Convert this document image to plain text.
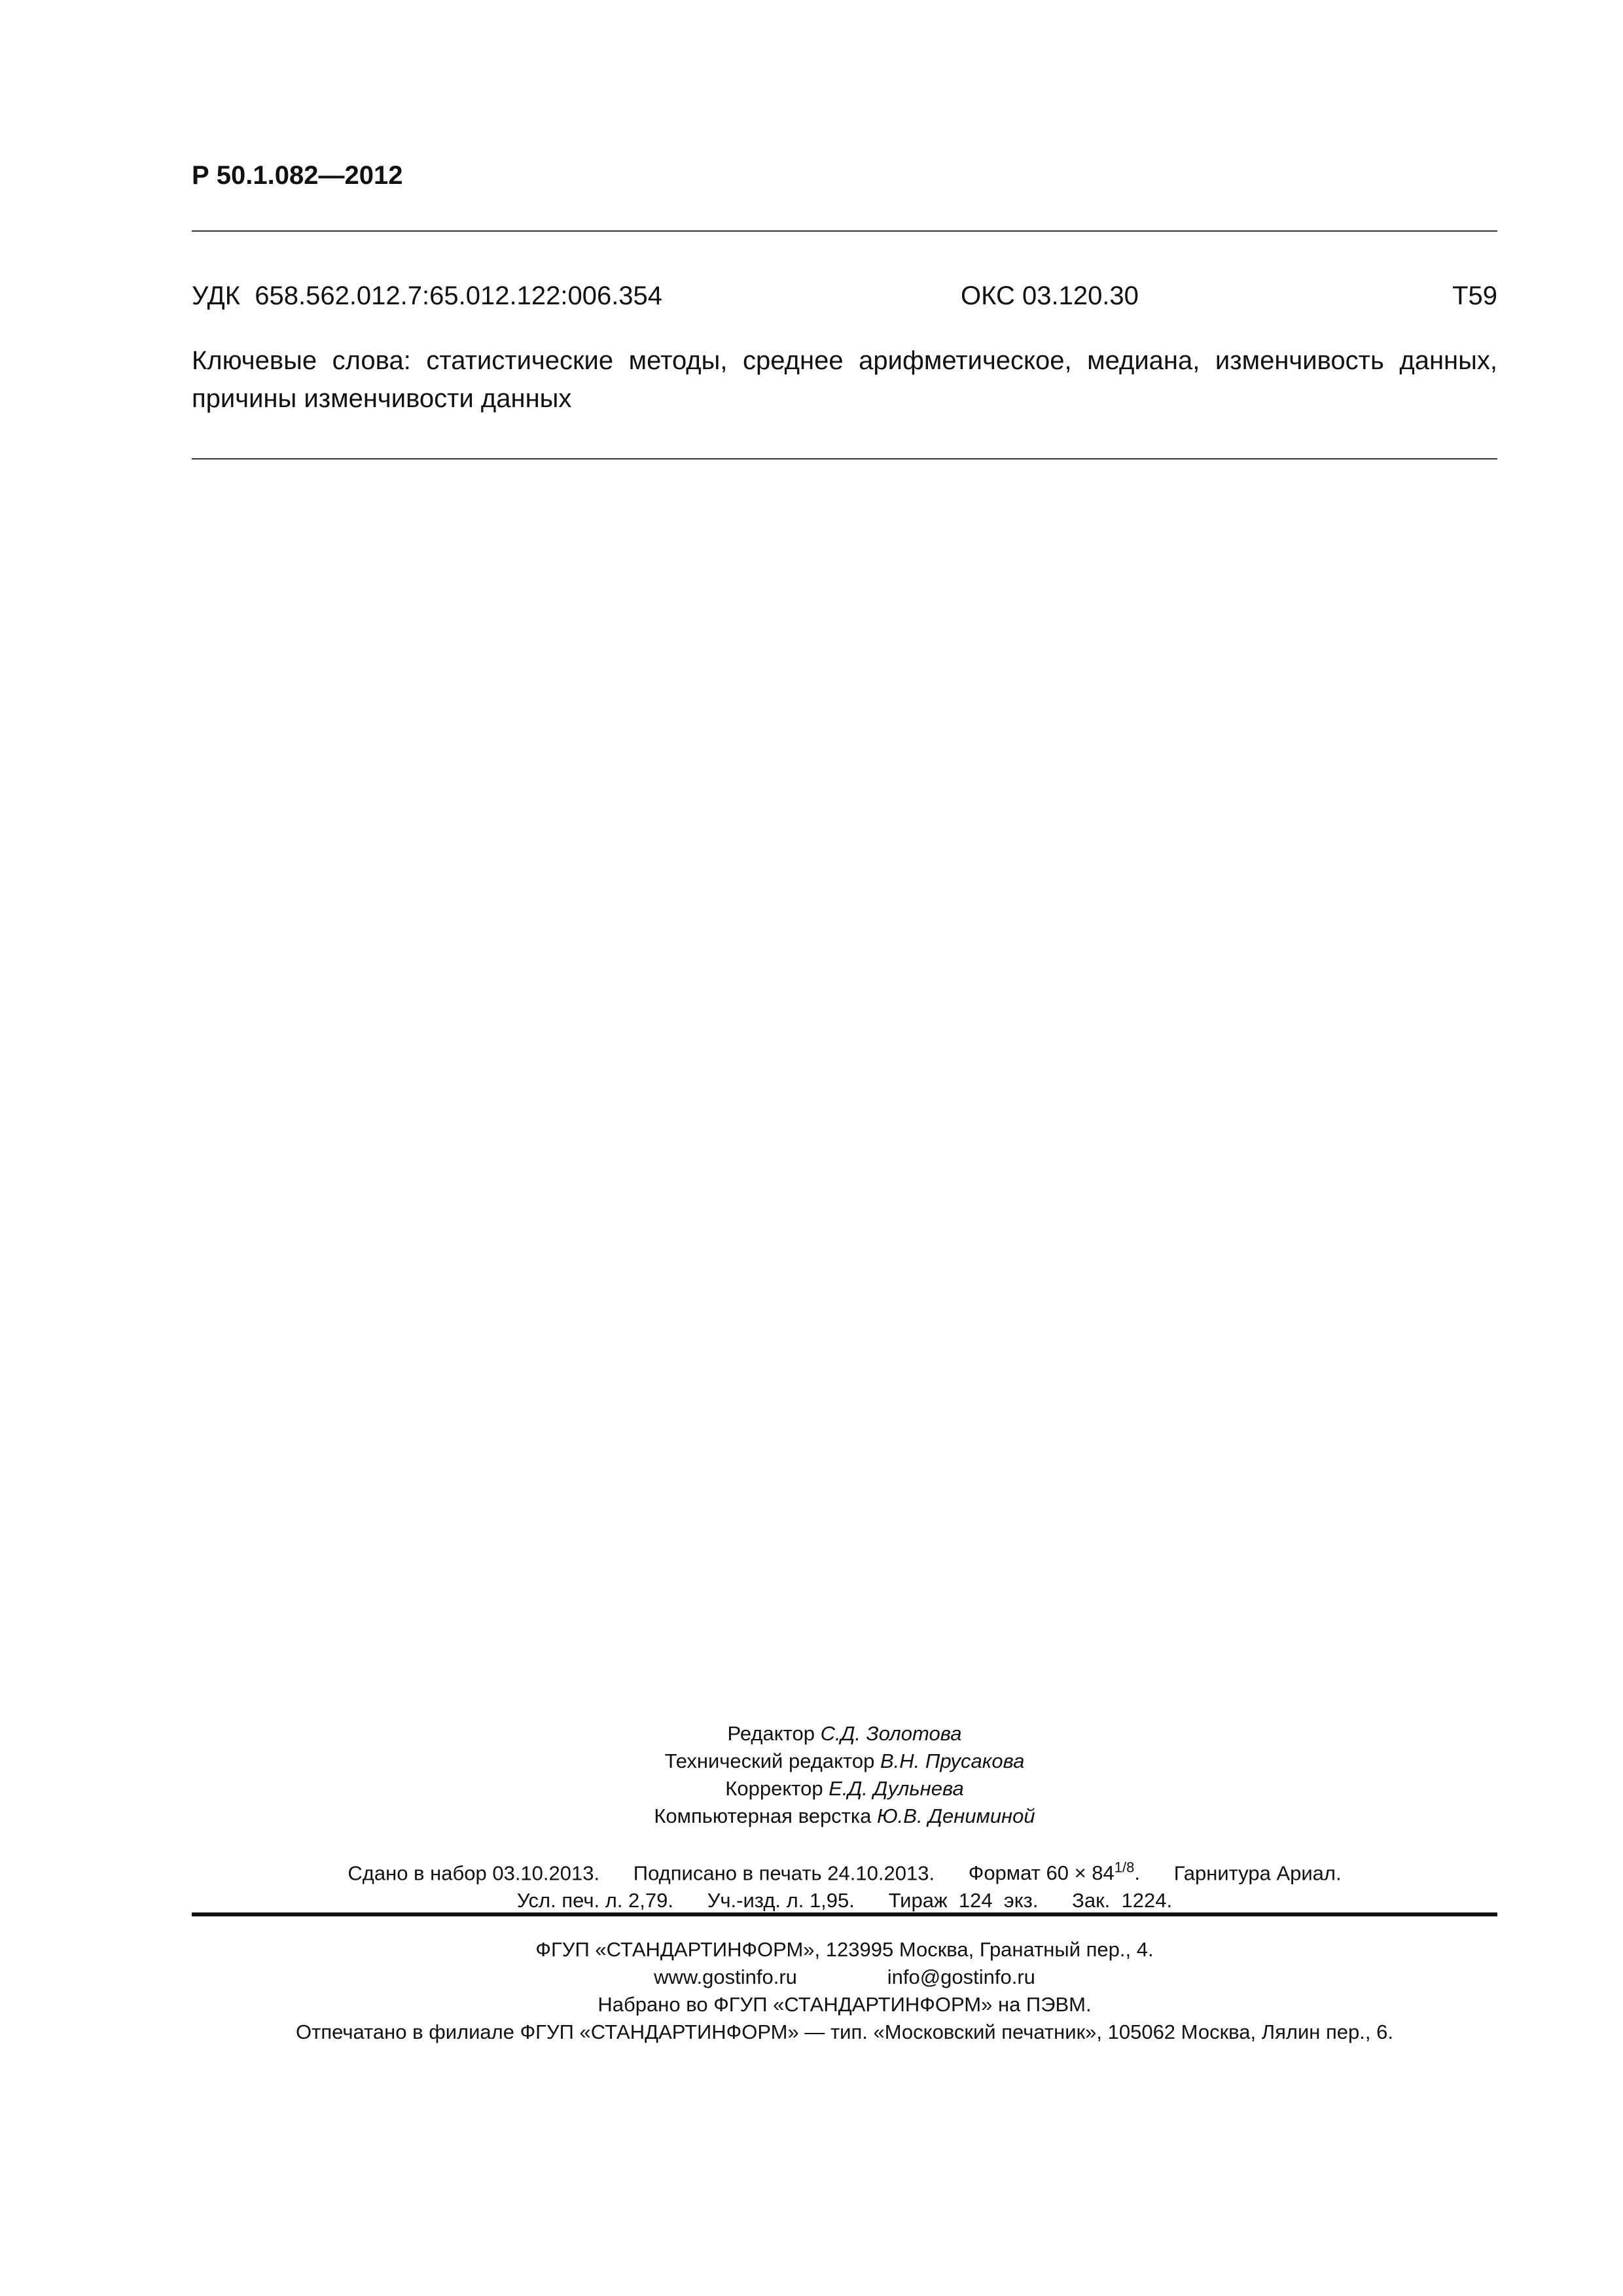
Р 50.1.082—2012
УДК  658.562.012.7:65.012.122:006.354	ОКС 03.120.30	Т59
Ключевые слова: статистические методы, среднее арифметическое, медиана, изменчивость данных,
причины изменчивости данных
Редактор С.Д. Золотова
Технический редактор В.Н. Прусакова
Корректор Е.Д. Дульнева
Компьютерная верстка Ю.В. Дениминой
Сдано в набор 03.10.2013. Подписано в печать 24.10.2013. Формат $60 \times 84^{1/8}$. Гарнитура Ариал.
Усл. печ. л. 2,79. Уч.-изд. л. 1,95. Тираж  124  экз. Зак.  1224.
ФГУП «СТАНДАРТИНФОРМ», 123995 Москва, Гранатный пер., 4.
www.gostinfo.ru	info@gostinfo.ru
Набрано во ФГУП «СТАНДАРТИНФОРМ» на ПЭВМ.
Отпечатано в филиале ФГУП «СТАНДАРТИНФОРМ» — тип. «Московский печатник», 105062 Москва, Лялин пер., 6.
